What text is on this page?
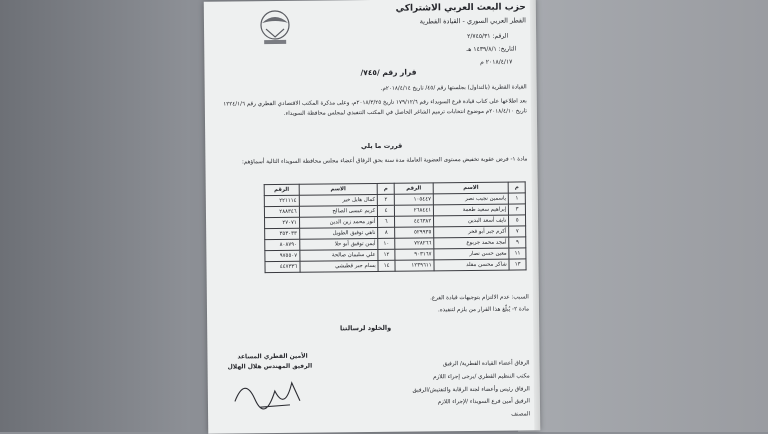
حزب البعث العربي الاشتراكي
القطر العربي السوري - القيادة القطرية
الرقم: ٢/٧٤٥/٣١
التاريخ: ١٤٣٩/٨/١ هـ
٢٠١٨/٤/١٧ م
قرار رقم /٧٤٥/
القيادة القطرية (بالتداول) بجلستها رقم /٤٥/ تاريخ ٢٠١٨/٤/١٤م.
بعد اطلاعها على كتاب قيادة فرع السويداء رقم ١٧٩/١٢/٦ تاريخ ٢٠١٨/٣/٢٥م، وعلى مذكرة المكتب الاقتصادي القطري رقم ١٢٢٤/١/٦ تاريخ ٢٠١٨/٤/١٠م موضوع انتخابات ترميم الشاغر الحاصل في المكتب التنفيذي لمجلس محافظة السويداء.
قررت ما يلي
مادة ١- فرض عقوبة تخفيض مستوى العضوية العاملة مدة سنة بحق الرفاق أعضاء مجلس محافظة السويداء التالية أسماؤهم:
م	الاسم	الرقم	م	الاسم	الرقم
١	ياسمين نجيب نصر	١٠٥٤٤٧	٢	كمال هايل خير	٢٢١١١٤
٣	إبراهيم سعيد طعمة	٢٦٨٤٤١	٤	كريم عيسى الصالح	٢٨٨٣٤٦
٥	نايف أسعد البدين	٤٤٦٣٨٢	٦	أنور محمد زين الدين	٢٧٠٧١
٧	أكرم جبر أبو فخر	٥٢٩٩٣٥	٨	ناهي توفيق الطويل	٣٥٣٠٣٣
٩	أمجد محمد جربوع	٧٢٨٢٦٦	١٠	أيمن توفيق أبو حلا	٨٠٨٧٩٠
١١	معين حسن نصار	٩٠٣١٦٧	١٢	علي سليمان صالحة	٩٧٥٥٠٧
١٣	شاكر محسن مقلد	١٢٣٩٦١١	١٤	بسام جبر قطيشي	٤٤٧٣٣٦
السبب: عدم الالتزام بتوجيهات قيادة الفرع.
مادة ٢- يُبلّغ هذا القرار من يلزم لتنفيذه.
والخلود لرسالتنا
الأمين القطري المساعد
الرفيق المهندس هلال الهلال	الرفاق أعضاء القيادة القطرية/ الرفيق
مكتب التنظيم القطري /يرجى إجراء اللازم
الرفاق رئيس وأعضاء لجنة الرقابة والتفتيش/الرفيق
الرفيق أمين فرع السويداء /لإجراء اللازم
المصنف
